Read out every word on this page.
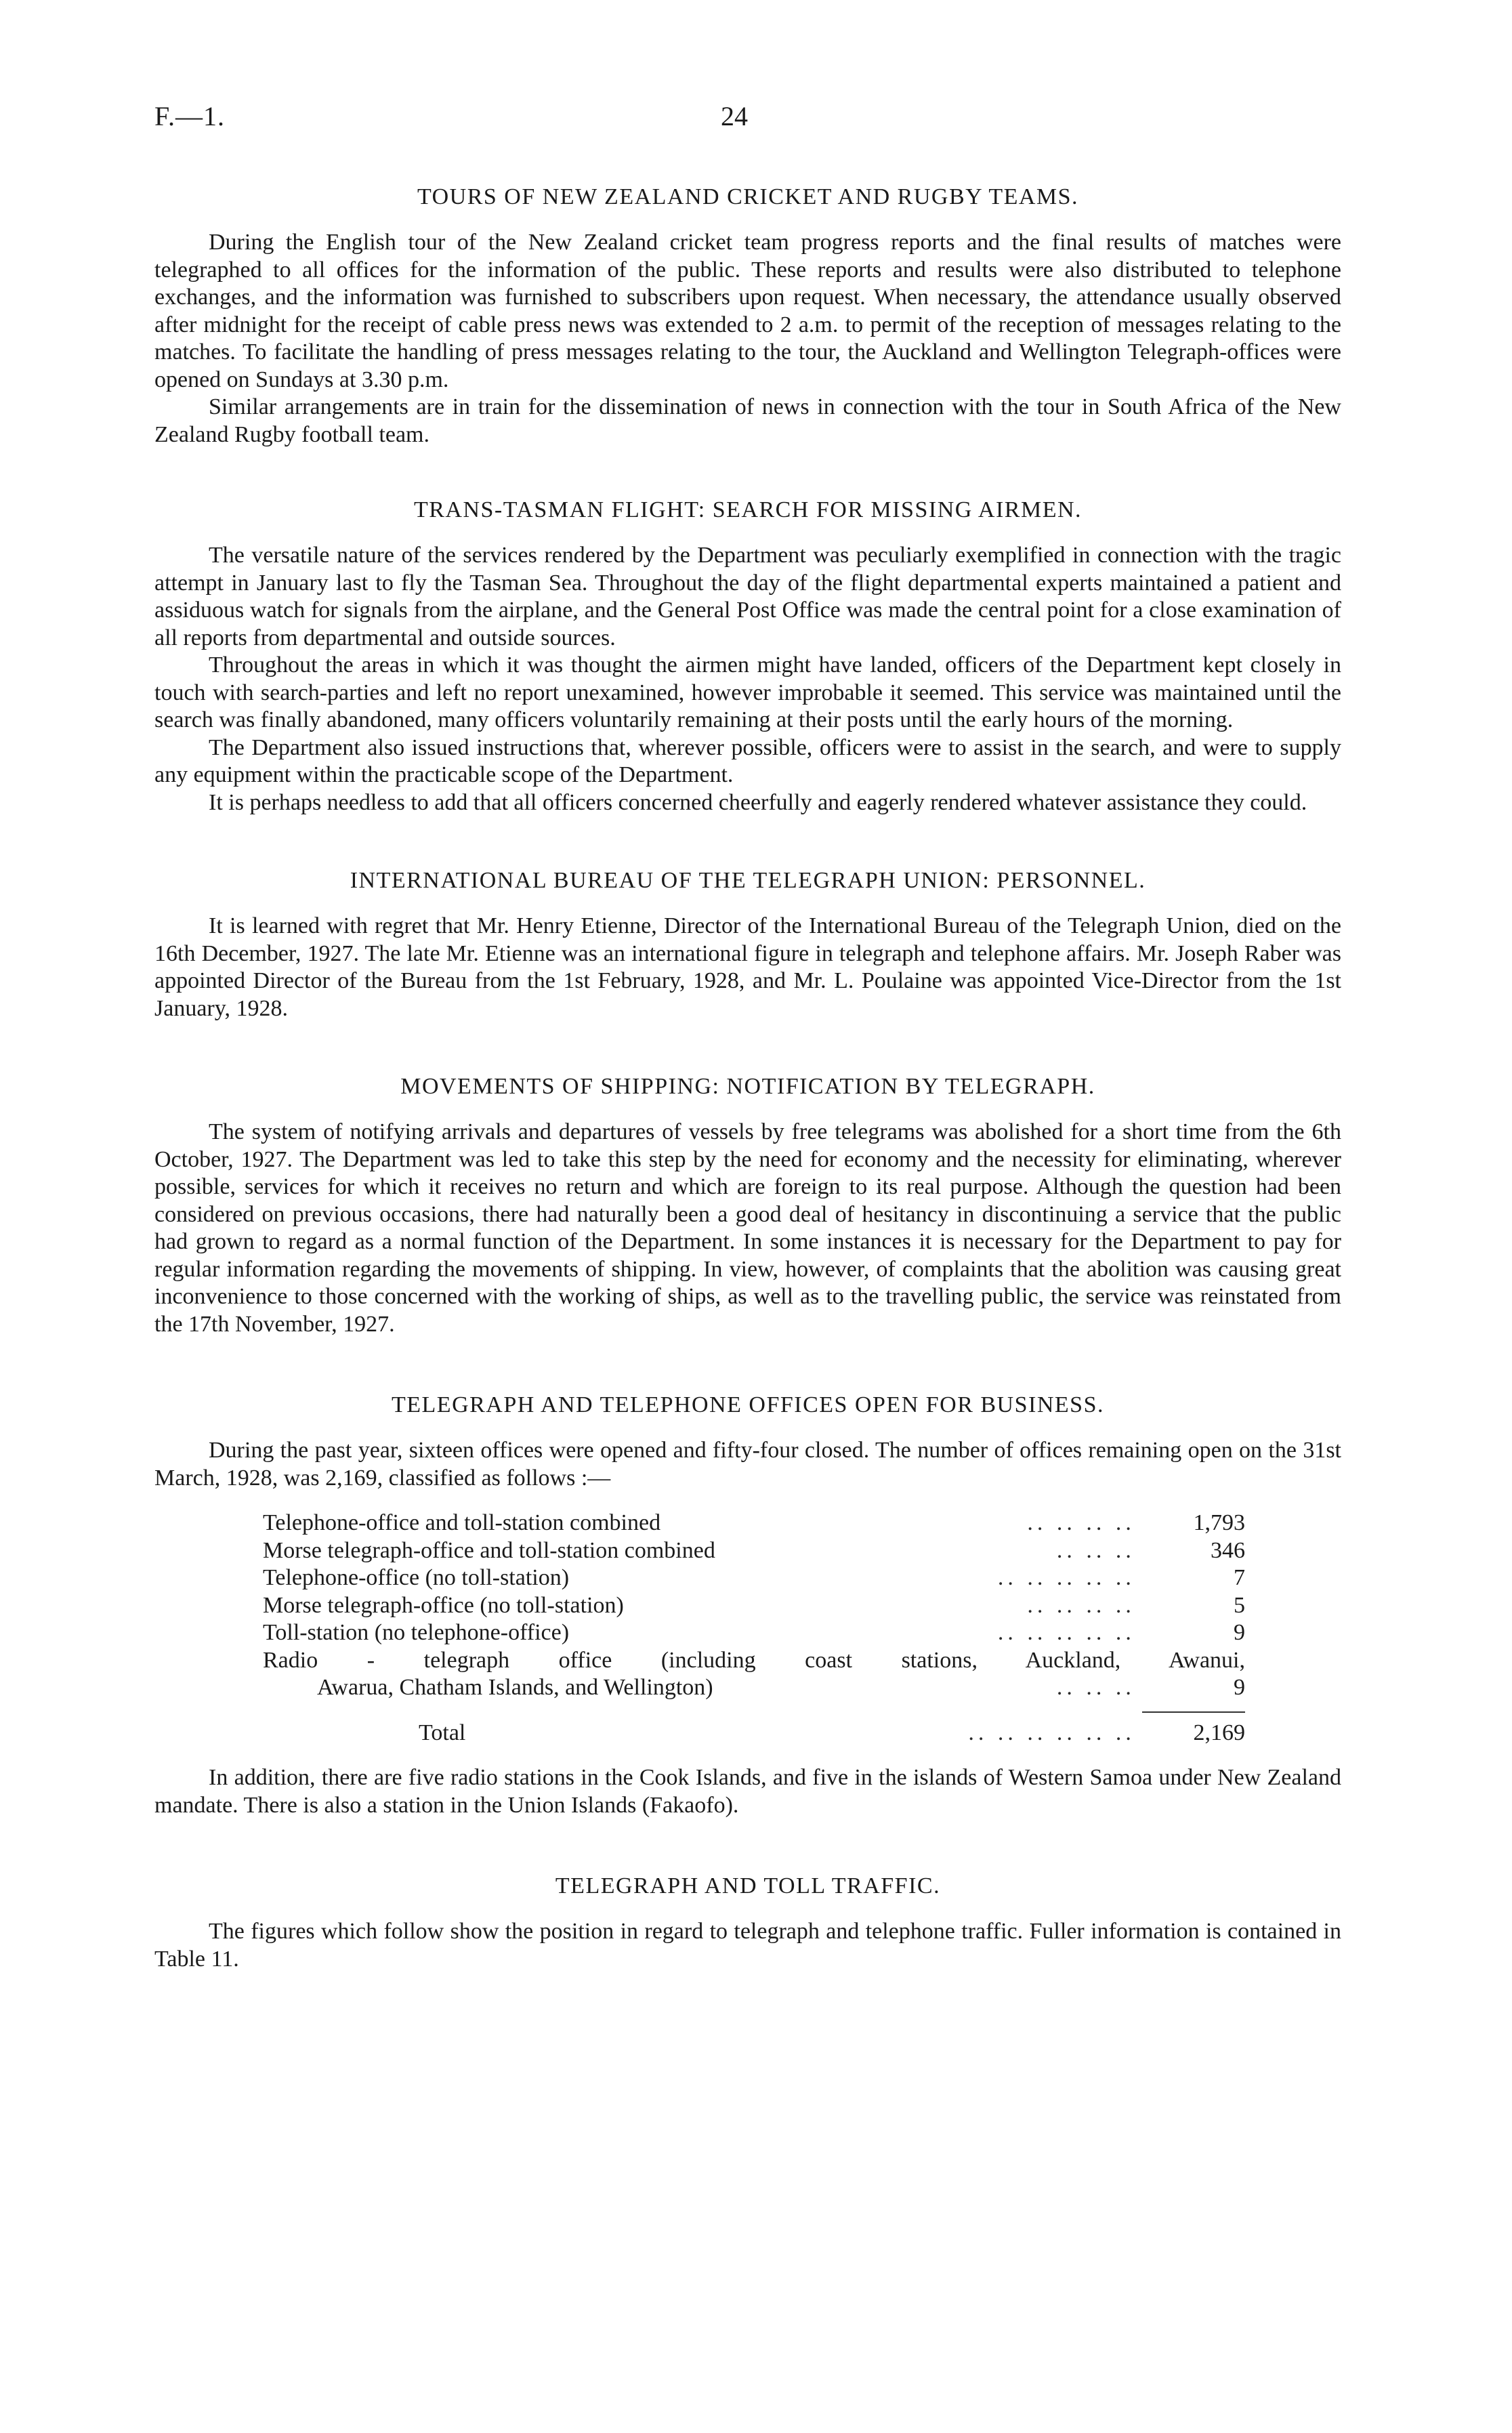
F.—1.	24
TOURS OF NEW ZEALAND CRICKET AND RUGBY TEAMS.

During the English tour of the New Zealand cricket team progress reports and the final results of matches were telegraphed to all offices for the information of the public. These reports and results were also distributed to telephone exchanges, and the information was furnished to subscribers upon request. When necessary, the attendance usually observed after midnight for the receipt of cable press news was extended to 2 a.m. to permit of the reception of messages relating to the matches. To facilitate the handling of press messages relating to the tour, the Auckland and Wellington Telegraph-offices were opened on Sundays at 3.30 p.m.

Similar arrangements are in train for the dissemination of news in connection with the tour in South Africa of the New Zealand Rugby football team.

TRANS-TASMAN FLIGHT: SEARCH FOR MISSING AIRMEN.

The versatile nature of the services rendered by the Department was peculiarly exemplified in connection with the tragic attempt in January last to fly the Tasman Sea. Throughout the day of the flight departmental experts maintained a patient and assiduous watch for signals from the airplane, and the General Post Office was made the central point for a close examination of all reports from departmental and outside sources.

Throughout the areas in which it was thought the airmen might have landed, officers of the Department kept closely in touch with search-parties and left no report unexamined, however improbable it seemed. This service was maintained until the search was finally abandoned, many officers voluntarily remaining at their posts until the early hours of the morning.

The Department also issued instructions that, wherever possible, officers were to assist in the search, and were to supply any equipment within the practicable scope of the Department.

It is perhaps needless to add that all officers concerned cheerfully and eagerly rendered whatever assistance they could.

INTERNATIONAL BUREAU OF THE TELEGRAPH UNION: PERSONNEL.

It is learned with regret that Mr. Henry Etienne, Director of the International Bureau of the Telegraph Union, died on the 16th December, 1927. The late Mr. Etienne was an international figure in telegraph and telephone affairs. Mr. Joseph Raber was appointed Director of the Bureau from the 1st February, 1928, and Mr. L. Poulaine was appointed Vice-Director from the 1st January, 1928.

MOVEMENTS OF SHIPPING: NOTIFICATION BY TELEGRAPH.

The system of notifying arrivals and departures of vessels by free telegrams was abolished for a short time from the 6th October, 1927. The Department was led to take this step by the need for economy and the necessity for eliminating, wherever possible, services for which it receives no return and which are foreign to its real purpose. Although the question had been considered on previous occasions, there had naturally been a good deal of hesitancy in discontinuing a service that the public had grown to regard as a normal function of the Department. In some instances it is necessary for the Department to pay for regular information regarding the movements of shipping. In view, however, of complaints that the abolition was causing great inconvenience to those concerned with the working of ships, as well as to the travelling public, the service was reinstated from the 17th November, 1927.

TELEGRAPH AND TELEPHONE OFFICES OPEN FOR BUSINESS.

During the past year, sixteen offices were opened and fifty-four closed. The number of offices remaining open on the 31st March, 1928, was 2,169, classified as follows :—

Telephone-office and toll-station combined .. .. .. ..	1,793

Morse telegraph-office and toll-station combined .. .. ..	346

Telephone-office (no toll-station) .. .. .. .. ..	7

Morse telegraph-office (no toll-station) .. .. .. ..	5

Toll-station (no telephone-office) .. .. .. .. ..	9

Radio - telegraph office (including coast stations, Auckland, Awanui,	

Awarua, Chatham Islands, and Wellington) .. .. ..	9

Total .. .. .. .. .. ..	2,169

In addition, there are five radio stations in the Cook Islands, and five in the islands of Western Samoa under New Zealand mandate. There is also a station in the Union Islands (Fakaofo).

TELEGRAPH AND TOLL TRAFFIC.

The figures which follow show the position in regard to telegraph and telephone traffic. Fuller information is contained in Table 11.
